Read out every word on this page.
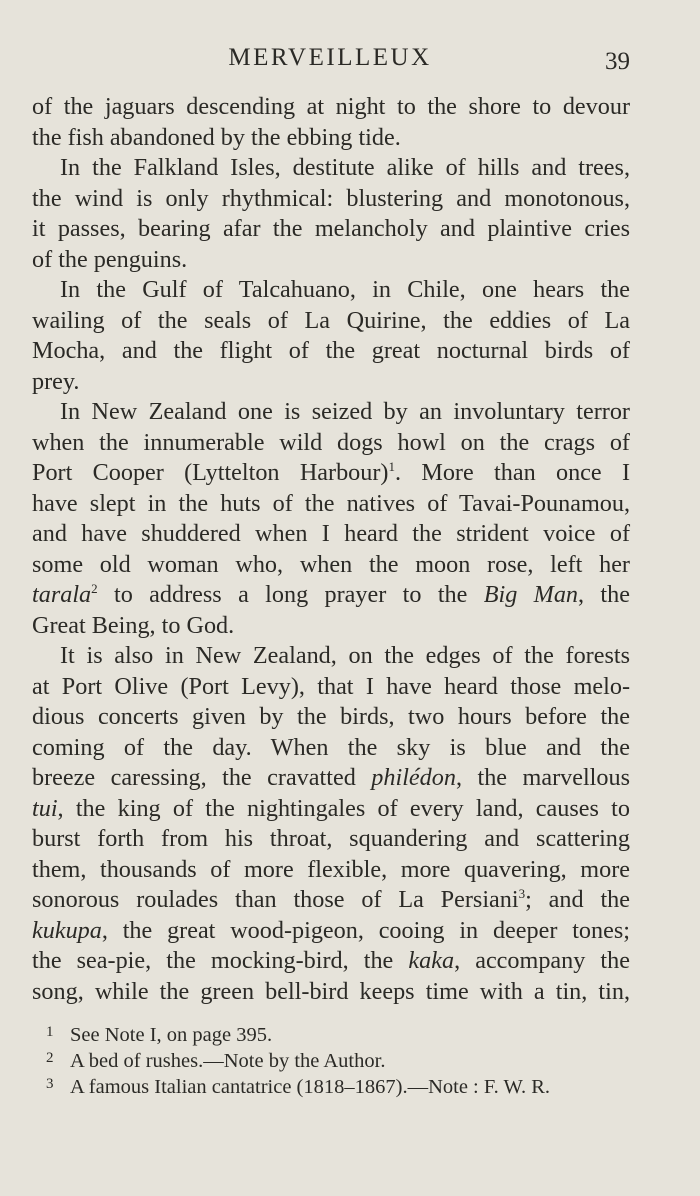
MERVEILLEUX	39
of the jaguars descending at night to the shore to devour
the fish abandoned by the ebbing tide.
In the Falkland Isles, destitute alike of hills and trees,
the wind is only rhythmical: blustering and monotonous,
it passes, bearing afar the melancholy and plaintive cries
of the penguins.
In the Gulf of Talcahuano, in Chile, one hears the
wailing of the seals of La Quirine, the eddies of La
Mocha, and the flight of the great nocturnal birds of
prey.
In New Zealand one is seized by an involuntary terror
when the innumerable wild dogs howl on the crags of
Port Cooper (Lyttelton Harbour)$^1$. More than once I
have slept in the huts of the natives of Tavai-Pounamou,
and have shuddered when I heard the strident voice of
some old woman who, when the moon rose, left her
tarala$^2$ to address a long prayer to the Big Man, the
Great Being, to God.
It is also in New Zealand, on the edges of the forests
at Port Olive (Port Levy), that I have heard those melo-
dious concerts given by the birds, two hours before the
coming of the day. When the sky is blue and the
breeze caressing, the cravatted philédon, the marvellous
tui, the king of the nightingales of every land, causes to
burst forth from his throat, squandering and scattering
them, thousands of more flexible, more quavering, more
sonorous roulades than those of La Persiani$^3$; and the
kukupa, the great wood-pigeon, cooing in deeper tones;
the sea-pie, the mocking-bird, the kaka, accompany the
song, while the green bell-bird keeps time with a tin, tin,
1 See Note I, on page 395.
2 A bed of rushes.—Note by the Author.
3 A famous Italian cantatrice (1818–1867).—Note : F. W. R.
